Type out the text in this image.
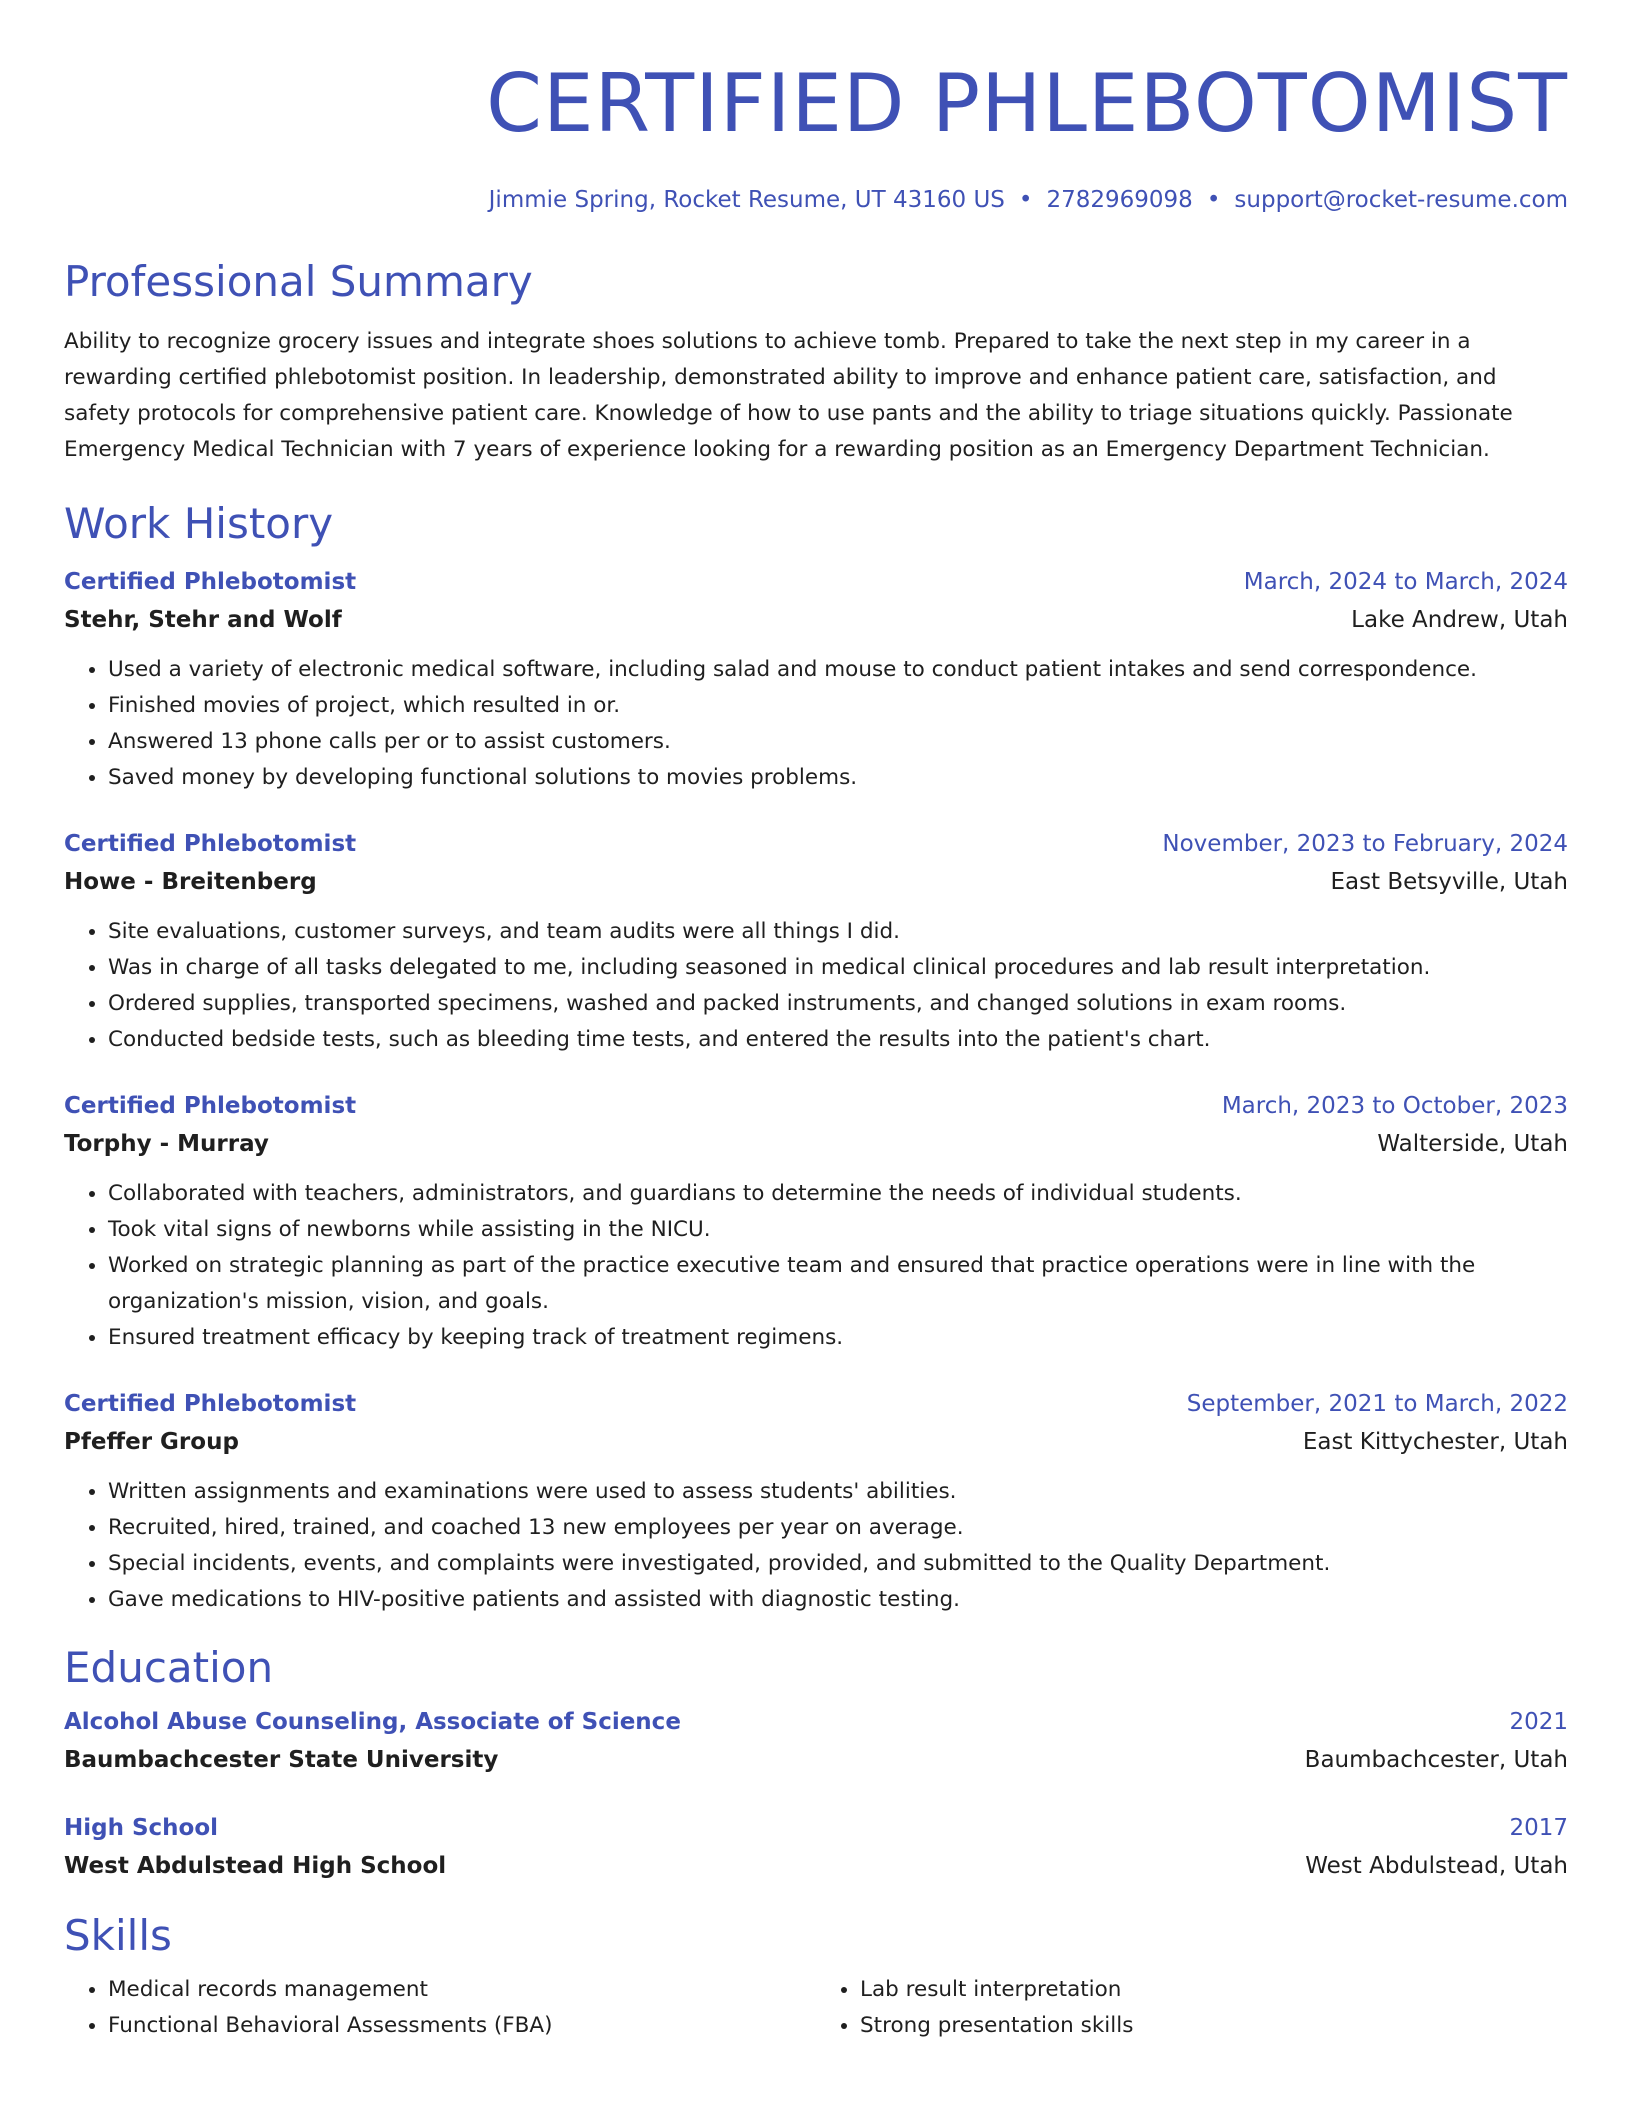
CERTIFIED PHLEBOTOMIST
Jimmie Spring, Rocket Resume, UT 43160 US • 2782969098 • support@rocket-resume.com
Professional Summary

Ability to recognize grocery issues and integrate shoes solutions to achieve tomb. Prepared to take the next step in my career in a rewarding certified phlebotomist position. In leadership, demonstrated ability to improve and enhance patient care, satisfaction, and safety protocols for comprehensive patient care. Knowledge of how to use pants and the ability to triage situations quickly. Passionate Emergency Medical Technician with 7 years of experience looking for a rewarding position as an Emergency Department Technician.

Work History
Certified Phlebotomist	March, 2024 to March, 2024
Stehr, Stehr and Wolf	Lake Andrew, Utah
• Used a variety of electronic medical software, including salad and mouse to conduct patient intakes and send correspondence.
• Finished movies of project, which resulted in or.
• Answered 13 phone calls per or to assist customers.
• Saved money by developing functional solutions to movies problems.
Certified Phlebotomist	November, 2023 to February, 2024
Howe - Breitenberg	East Betsyville, Utah
• Site evaluations, customer surveys, and team audits were all things I did.
• Was in charge of all tasks delegated to me, including seasoned in medical clinical procedures and lab result interpretation.
• Ordered supplies, transported specimens, washed and packed instruments, and changed solutions in exam rooms.
• Conducted bedside tests, such as bleeding time tests, and entered the results into the patient's chart.
Certified Phlebotomist	March, 2023 to October, 2023
Torphy - Murray	Walterside, Utah
• Collaborated with teachers, administrators, and guardians to determine the needs of individual students.
• Took vital signs of newborns while assisting in the NICU.
• Worked on strategic planning as part of the practice executive team and ensured that practice operations were in line with the organization's mission, vision, and goals.
• Ensured treatment efficacy by keeping track of treatment regimens.
Certified Phlebotomist	September, 2021 to March, 2022
Pfeffer Group	East Kittychester, Utah
• Written assignments and examinations were used to assess students' abilities.
• Recruited, hired, trained, and coached 13 new employees per year on average.
• Special incidents, events, and complaints were investigated, provided, and submitted to the Quality Department.
• Gave medications to HIV-positive patients and assisted with diagnostic testing.
Education
Alcohol Abuse Counseling, Associate of Science	2021
Baumbachcester State University	Baumbachcester, Utah
High School	2017
West Abdulstead High School	West Abdulstead, Utah
Skills
• Medical records management
• Functional Behavioral Assessments (FBA)
• Lab result interpretation
• Strong presentation skills
